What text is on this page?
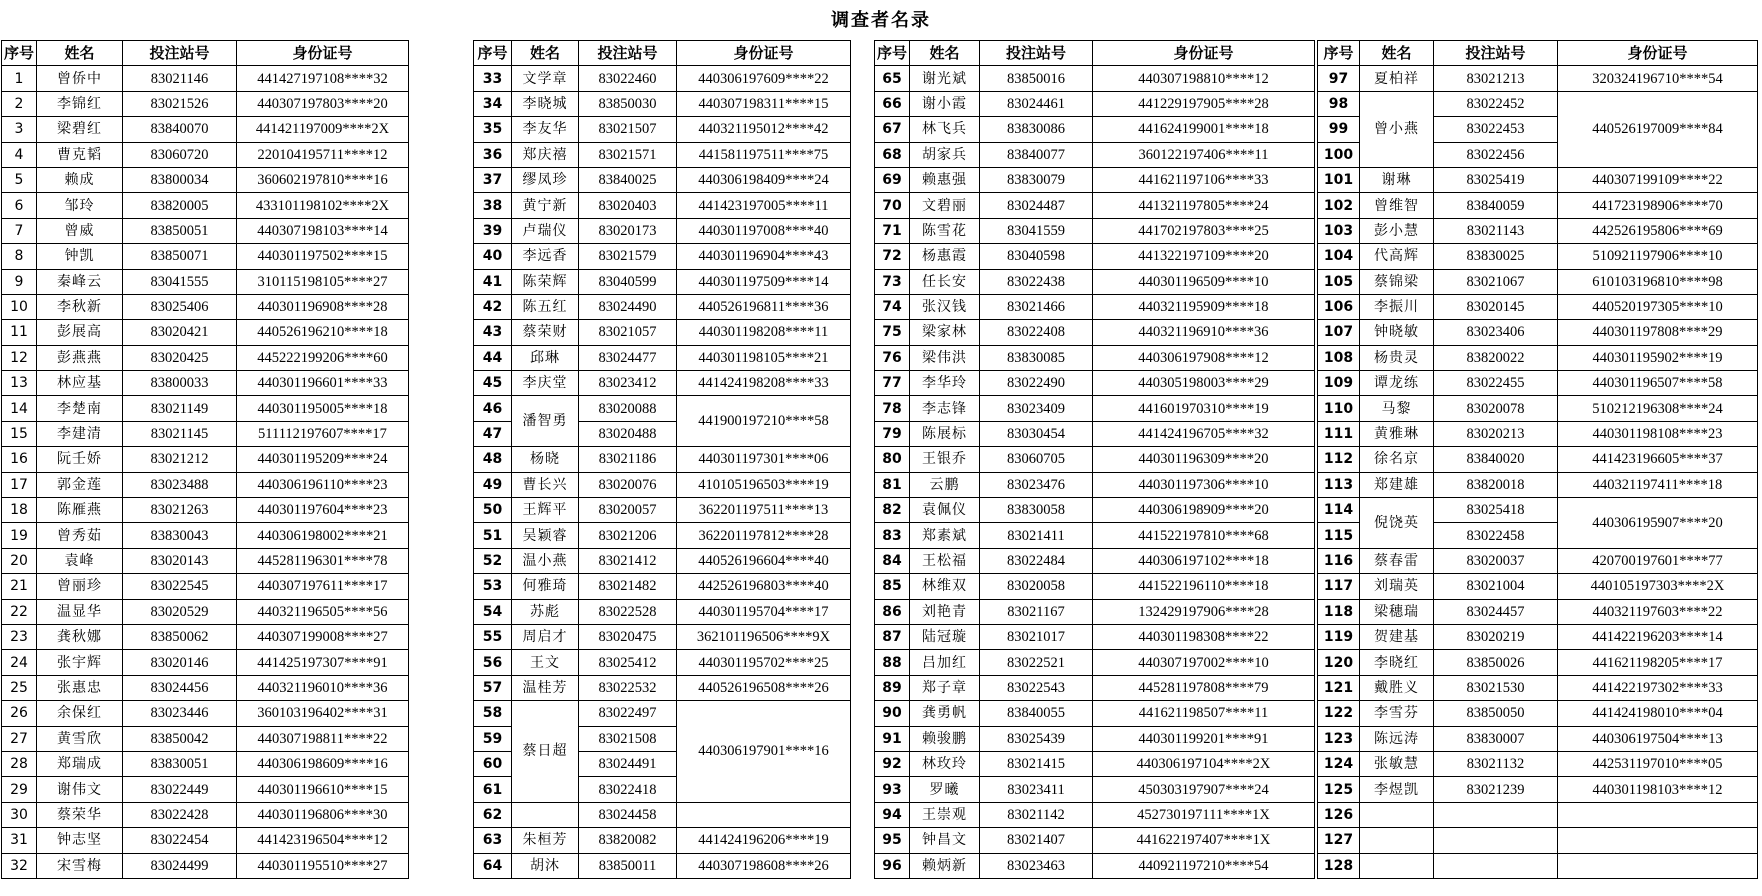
调查者名录
序号	姓名	投注站号	身份证号
1	曾侨中	83021146	441427197108****32
2	李锦红	83021526	440307197803****20
3	梁碧红	83840070	441421197009****2X
4	曹克韬	83060720	220104195711****12
5	赖成	83800034	360602197810****16
6	邹玲	83820005	433101198102****2X
7	曾威	83850051	440307198103****14
8	钟凯	83850071	440301197502****15
9	秦峰云	83041555	310115198105****27
10	李秋新	83025406	440301196908****28
11	彭展高	83020421	440526196210****18
12	彭燕燕	83020425	445222199206****60
13	林应基	83800033	440301196601****33
14	李楚南	83021149	440301195005****18
15	李建清	83021145	511112197607****17
16	阮壬娇	83021212	440301195209****24
17	郭金莲	83023488	440306196110****23
18	陈雁燕	83021263	440301197604****23
19	曾秀茹	83830043	440306198002****21
20	袁峰	83020143	445281196301****78
21	曾丽珍	83022545	440307197611****17
22	温显华	83020529	440321196505****56
23	龚秋娜	83850062	440307199008****27
24	张宇辉	83020146	441425197307****91
25	张惠忠	83024456	440321196010****36
26	余保红	83023446	360103196402****31
27	黄雪欣	83850042	440307198811****22
28	郑瑞成	83830051	440306198609****16
29	谢伟文	83022449	440301196610****15
30	蔡荣华	83022428	440301196806****30
31	钟志坚	83022454	441423196504****12
32	宋雪梅	83024499	440301195510****27
序号	姓名	投注站号	身份证号
33	文学章	83022460	440306197609****22
34	李晓城	83850030	440307198311****15
35	李友华	83021507	440321195012****42
36	郑庆禧	83021571	441581197511****75
37	缪凤珍	83840025	440306198409****24
38	黄宁新	83020403	441423197005****11
39	卢瑞仪	83020173	440301197008****40
40	李远香	83021579	440301196904****43
41	陈荣辉	83040599	440301197509****14
42	陈五红	83024490	440526196811****36
43	蔡荣财	83021057	440301198208****11
44	邱琳	83024477	440301198105****21
45	李庆堂	83023412	441424198208****33
46	潘智勇	83020088	441900197210****58
47		83020488	
48	杨晓	83021186	440301197301****06
49	曹长兴	83020076	410105196503****19
50	王辉平	83020057	362201197511****13
51	吴颖睿	83021206	362201197812****28
52	温小燕	83021412	440526196604****40
53	何雅琦	83021482	442526196803****40
54	苏彪	83022528	440301195704****17
55	周启才	83020475	362101196506****9X
56	王文	83025412	440301195702****25
57	温桂芳	83022532	440526196508****26
58	蔡日超	83022497	440306197901****16
59		83021508	
60		83024491	
61		83022418	
62		83024458	
63	朱桓芳	83820082	441424196206****19
64	胡沐	83850011	440307198608****26
序号	姓名	投注站号	身份证号
65	谢光斌	83850016	440307198810****12
66	谢小霞	83024461	441229197905****28
67	林飞兵	83830086	441624199001****18
68	胡家兵	83840077	360122197406****11
69	赖惠强	83830079	441621197106****33
70	文碧丽	83024487	441321197805****24
71	陈雪花	83041559	441702197803****25
72	杨惠霞	83040598	441322197109****20
73	任长安	83022438	440301196509****10
74	张汉钱	83021466	440321195909****18
75	梁家林	83022408	440321196910****36
76	梁伟洪	83830085	440306197908****12
77	李华玲	83022490	440305198003****29
78	李志锋	83023409	441601970310****19
79	陈展标	83030454	441424196705****32
80	王银乔	83060705	440301196309****20
81	云鹏	83023476	440301197306****10
82	袁佩仪	83830058	440306198909****20
83	郑素斌	83021411	441522197810****68
84	王松福	83022484	440306197102****18
85	林维双	83020058	441522196110****18
86	刘艳青	83021167	132429197906****28
87	陆冠璇	83021017	440301198308****22
88	吕加红	83022521	440307197002****10
89	郑子章	83022543	445281197808****79
90	龚勇帆	83840055	441621198507****11
91	赖骏鹏	83025439	440301199201****91
92	林玫玲	83021415	440306197104****2X
93	罗曦	83023411	450303197907****24
94	王崇观	83021142	452730197111****1X
95	钟昌文	83021407	441622197407****1X
96	赖炳新	83023463	440921197210****54
序号	姓名	投注站号	身份证号
97	夏柏祥	83021213	320324196710****54
98	曾小燕	83022452	440526197009****84
99		83022453	
100		83022456	
101	谢琳	83025419	440307199109****22
102	曾维智	83840059	441723198906****70
103	彭小慧	83021143	442526195806****69
104	代高辉	83830025	510921197906****10
105	蔡锦梁	83021067	610103196810****98
106	李振川	83020145	440520197305****10
107	钟晓敏	83023406	440301197808****29
108	杨贵灵	83820022	440301195902****19
109	谭龙练	83022455	440301196507****58
110	马黎	83020078	510212196308****24
111	黄雅琳	83020213	440301198108****23
112	徐名京	83840020	441423196605****37
113	郑建雄	83820018	440321197411****18
114	倪饶英	83025418	440306195907****20
115		83022458	
116	蔡春雷	83020037	420700197601****77
117	刘瑞英	83021004	440105197303****2X
118	梁穗瑞	83024457	440321197603****22
119	贺建基	83020219	441422196203****14
120	李晓红	83850026	441621198205****17
121	戴胜义	83021530	441422197302****33
122	李雪芬	83850050	441424198010****04
123	陈远涛	83830007	440306197504****13
124	张敏慧	83021132	442531197010****05
125	李煜凯	83021239	440301198103****12
126			
127			
128			
